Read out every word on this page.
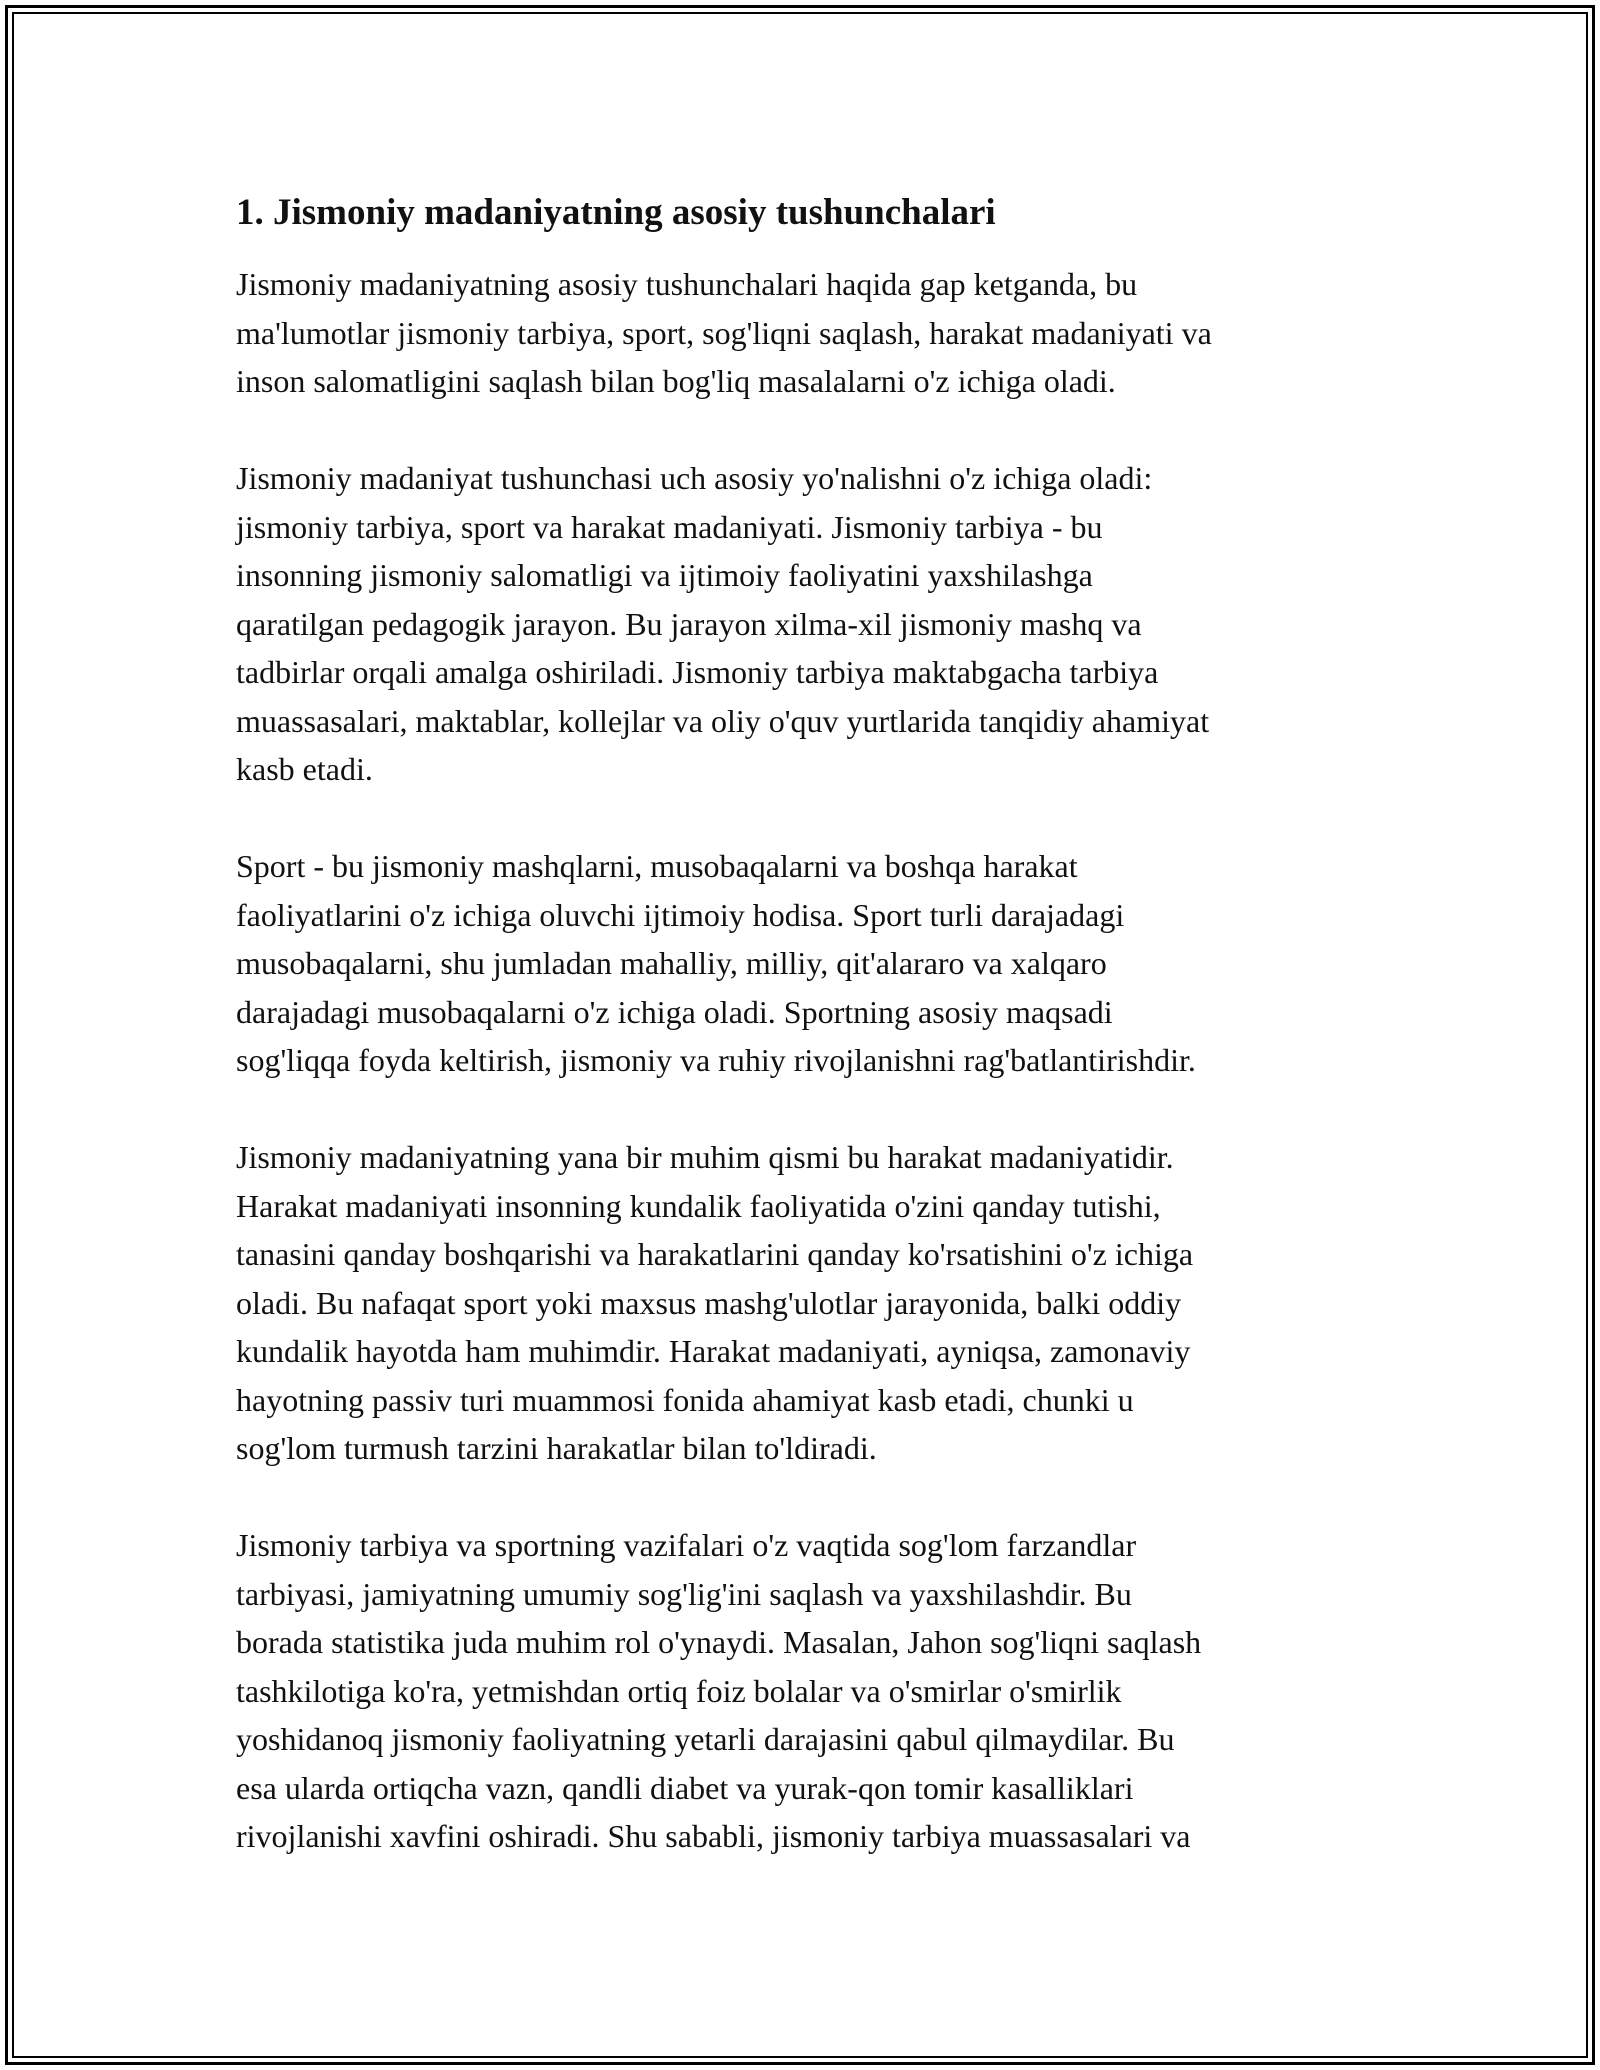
1. Jismoniy madaniyatning asosiy tushunchalari

Jismoniy madaniyatning asosiy tushunchalari haqida gap ketganda, bu
ma'lumotlar jismoniy tarbiya, sport, sog'liqni saqlash, harakat madaniyati va
inson salomatligini saqlash bilan bog'liq masalalarni o'z ichiga oladi.

Jismoniy madaniyat tushunchasi uch asosiy yo'nalishni o'z ichiga oladi:
jismoniy tarbiya, sport va harakat madaniyati. Jismoniy tarbiya - bu
insonning jismoniy salomatligi va ijtimoiy faoliyatini yaxshilashga
qaratilgan pedagogik jarayon. Bu jarayon xilma-xil jismoniy mashq va
tadbirlar orqali amalga oshiriladi. Jismoniy tarbiya maktabgacha tarbiya
muassasalari, maktablar, kollejlar va oliy o'quv yurtlarida tanqidiy ahamiyat
kasb etadi.

Sport - bu jismoniy mashqlarni, musobaqalarni va boshqa harakat
faoliyatlarini o'z ichiga oluvchi ijtimoiy hodisa. Sport turli darajadagi
musobaqalarni, shu jumladan mahalliy, milliy, qit'alararo va xalqaro
darajadagi musobaqalarni o'z ichiga oladi. Sportning asosiy maqsadi
sog'liqqa foyda keltirish, jismoniy va ruhiy rivojlanishni rag'batlantirishdir.

Jismoniy madaniyatning yana bir muhim qismi bu harakat madaniyatidir.
Harakat madaniyati insonning kundalik faoliyatida o'zini qanday tutishi,
tanasini qanday boshqarishi va harakatlarini qanday ko'rsatishini o'z ichiga
oladi. Bu nafaqat sport yoki maxsus mashg'ulotlar jarayonida, balki oddiy
kundalik hayotda ham muhimdir. Harakat madaniyati, ayniqsa, zamonaviy
hayotning passiv turi muammosi fonida ahamiyat kasb etadi, chunki u
sog'lom turmush tarzini harakatlar bilan to'ldiradi.

Jismoniy tarbiya va sportning vazifalari o'z vaqtida sog'lom farzandlar
tarbiyasi, jamiyatning umumiy sog'lig'ini saqlash va yaxshilashdir. Bu
borada statistika juda muhim rol o'ynaydi. Masalan, Jahon sog'liqni saqlash
tashkilotiga ko'ra, yetmishdan ortiq foiz bolalar va o'smirlar o'smirlik
yoshidanoq jismoniy faoliyatning yetarli darajasini qabul qilmaydilar. Bu
esa ularda ortiqcha vazn, qandli diabet va yurak-qon tomir kasalliklari
rivojlanishi xavfini oshiradi. Shu sababli, jismoniy tarbiya muassasalari va
